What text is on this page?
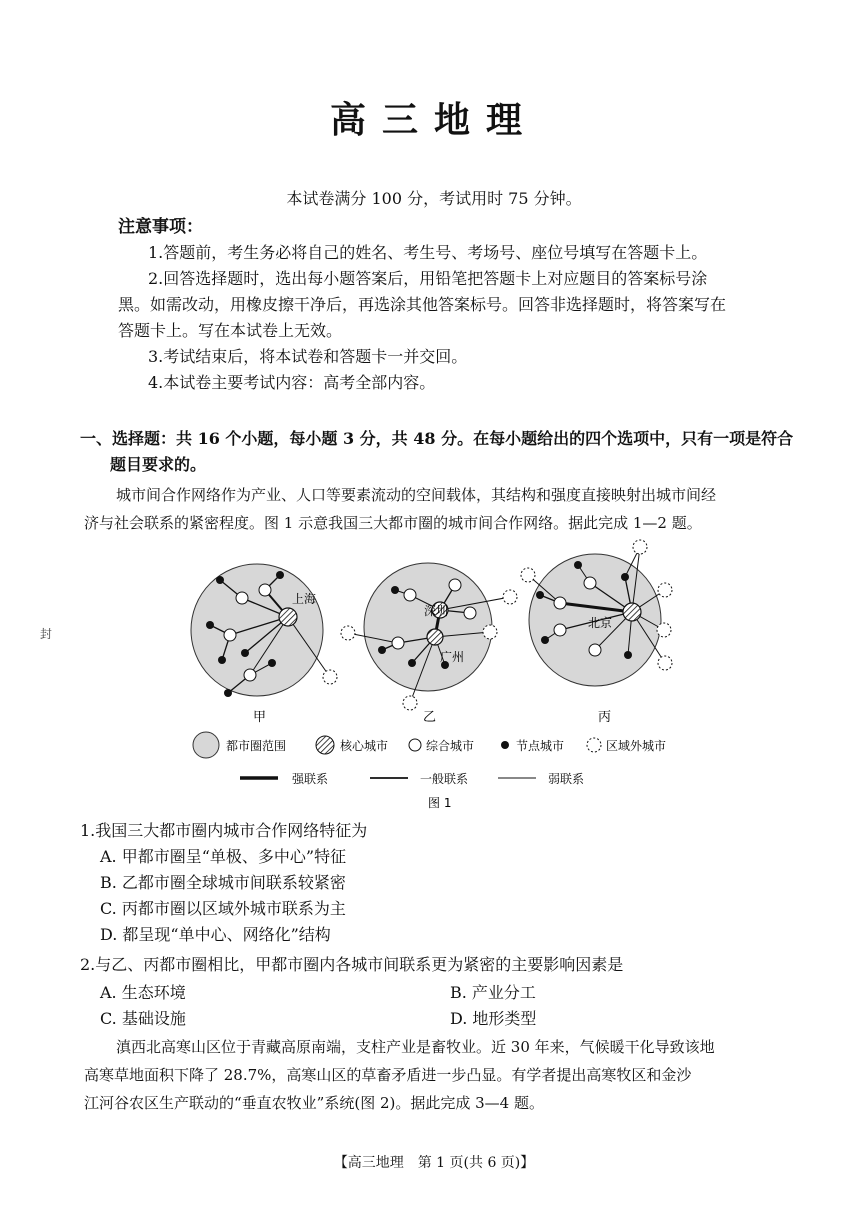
高三地理
本试卷满分 100 分，考试用时 75 分钟。
注意事项：
1.答题前，考生务必将自己的姓名、考生号、考场号、座位号填写在答题卡上。
2.回答选择题时，选出每小题答案后，用铅笔把答题卡上对应题目的答案标号涂
黑。如需改动，用橡皮擦干净后，再选涂其他答案标号。回答非选择题时，将答案写在
答题卡上。写在本试卷上无效。
3.考试结束后，将本试卷和答题卡一并交回。
4.本试卷主要考试内容：高考全部内容。
封
一、选择题：共 16 个小题，每小题 3 分，共 48 分。在每小题给出的四个选项中，只有一项是符合
题目要求的。
城市间合作网络作为产业、人口等要素流动的空间载体，其结构和强度直接映射出城市间经
济与社会联系的紧密程度。图 1 示意我国三大都市圈的城市间合作网络。据此完成 1—2 题。
上海
甲
深圳
广州
乙
北京
丙
都市圈范围	核心城市	综合城市	节点城市	区域外城市
强联系	一般联系	弱联系
图 1
1.我国三大都市圈内城市合作网络特征为
A. 甲都市圈呈“单极、多中心”特征
B. 乙都市圈全球城市间联系较紧密
C. 丙都市圈以区域外城市联系为主
D. 都呈现“单中心、网络化”结构
2.与乙、丙都市圈相比，甲都市圈内各城市间联系更为紧密的主要影响因素是
A. 生态环境	B. 产业分工
C. 基础设施	D. 地形类型
滇西北高寒山区位于青藏高原南端，支柱产业是畜牧业。近 30 年来，气候暖干化导致该地
高寒草地面积下降了 28.7%，高寒山区的草畜矛盾进一步凸显。有学者提出高寒牧区和金沙
江河谷农区生产联动的“垂直农牧业”系统(图 2)。据此完成 3—4 题。
【高三地理　第 1 页(共 6 页)】
